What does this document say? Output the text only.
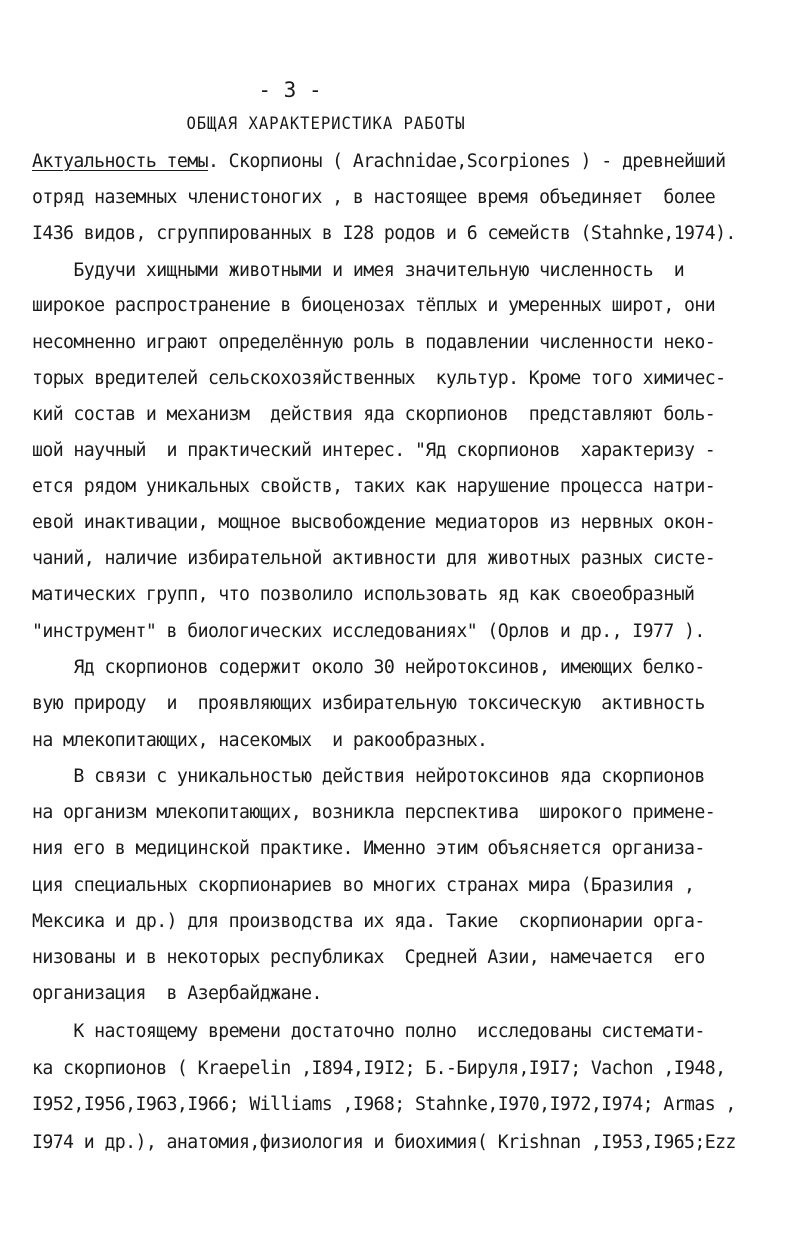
- 3 -
ОБЩАЯ ХАРАКТЕРИСТИКА РАБОТЫ
Актуальность темы. Скорпионы ( Arachnidae,Scorpiones ) - древнейший
отряд наземных членистоногих , в настоящее время объединяет  более
I436 видов, сгруппированных в I28 родов и 6 семейств (Stahnke,1974).
Будучи хищными животными и имея значительную численность  и
широкое распространение в биоценозах тёплых и умеренных широт, они
несомненно играют определённую роль в подавлении численности неко-
торых вредителей сельскохозяйственных  культур. Кроме того химичес-
кий состав и механизм  действия яда скорпионов  представляют боль-
шой научный  и практический интерес. "Яд скорпионов  характеризу -
ется рядом уникальных свойств, таких как нарушение процесса натри-
евой инактивации, мощное высвобождение медиаторов из нервных окон-
чаний, наличие избирательной активности для животных разных систе-
матических групп, что позволило использовать яд как своеобразный
"инструмент" в биологических исследованиях" (Орлов и др., I977 ).
Яд скорпионов содержит около 30 нейротоксинов, имеющих белко-
вую природу  и  проявляющих избирательную токсическую  активность
на млекопитающих, насекомых  и ракообразных.
В связи с уникальностью действия нейротоксинов яда скорпионов
на организм млекопитающих, возникла перспектива  широкого примене-
ния его в медицинской практике. Именно этим объясняется организа-
ция специальных скорпионариев во многих странах мира (Бразилия ,
Мексика и др.) для производства их яда. Такие  скорпионарии орга-
низованы и в некоторых республиках  Средней Азии, намечается  его
организация  в Азербайджане.
К настоящему времени достаточно полно  исследованы системати-
ка скорпионов ( Kraepelin ,I894,I9I2; Б.-Бируля,I9I7; Vachon ,I948,
I952,I956,I963,I966; Williams ,I968; Stahnke,I970,I972,I974; Armas ,
I974 и др.), анатомия,физиология и биохимия( Krishnan ,I953,I965;Ezz
